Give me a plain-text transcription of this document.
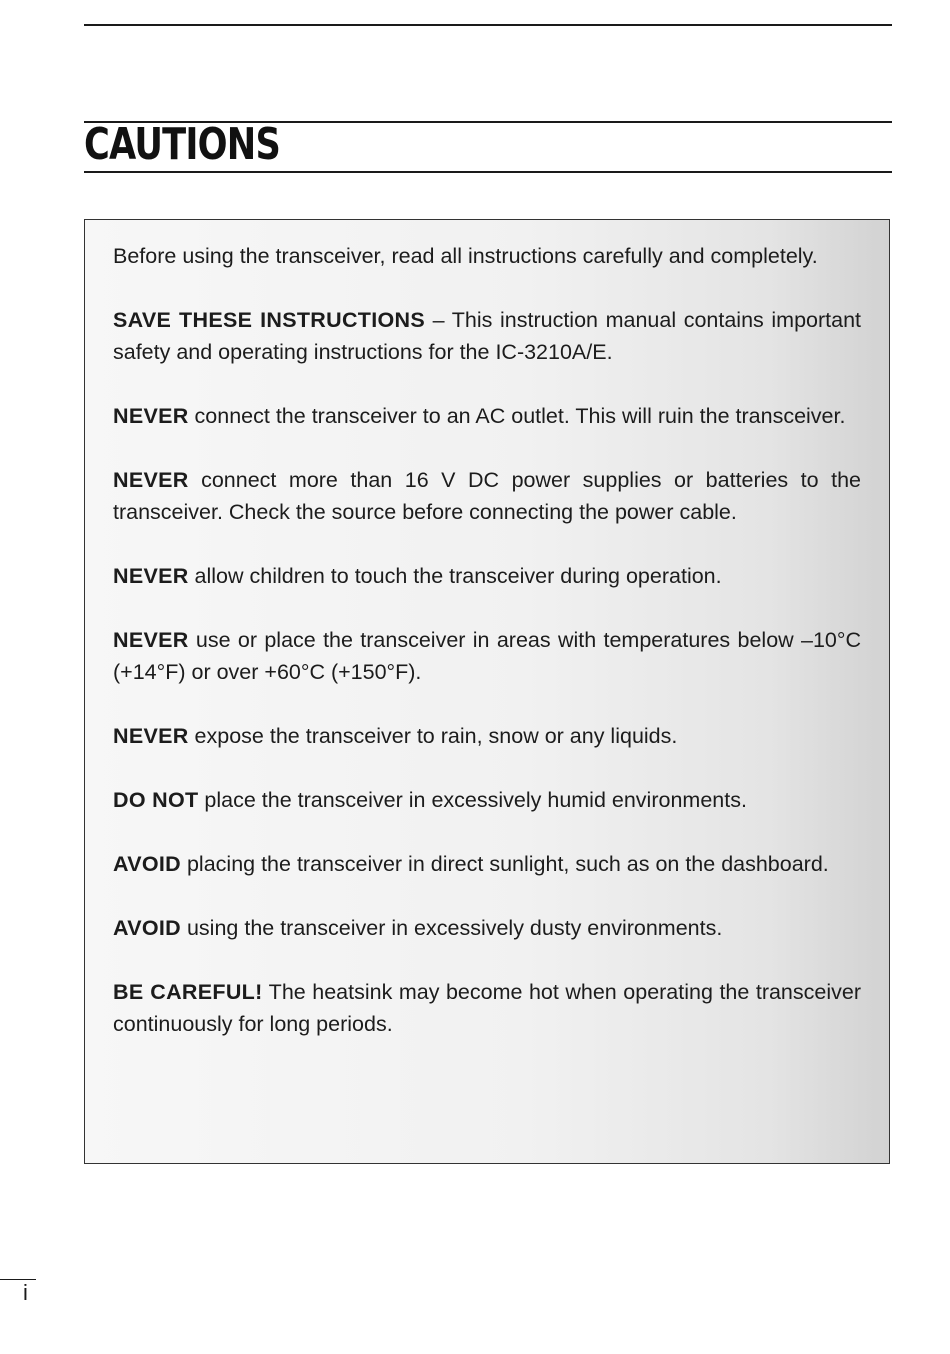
CAUTIONS

Before using the transceiver, read all instructions carefully and completely.

SAVE THESE INSTRUCTIONS – This instruction manual contains important safety and operating instructions for the IC-3210A/E.

NEVER connect the transceiver to an AC outlet. This will ruin the transceiver.

NEVER connect more than 16 V DC power supplies or batteries to the transceiver. Check the source before connecting the power cable.

NEVER allow children to touch the transceiver during operation.

NEVER use or place the transceiver in areas with temperatures below –10°C (+14°F) or over +60°C (+150°F).

NEVER expose the transceiver to rain, snow or any liquids.

DO NOT place the transceiver in excessively humid environments.

AVOID placing the transceiver in direct sunlight, such as on the dashboard.

AVOID using the transceiver in excessively dusty environments.

BE CAREFUL! The heatsink may become hot when operating the transceiver continuously for long periods.

i
